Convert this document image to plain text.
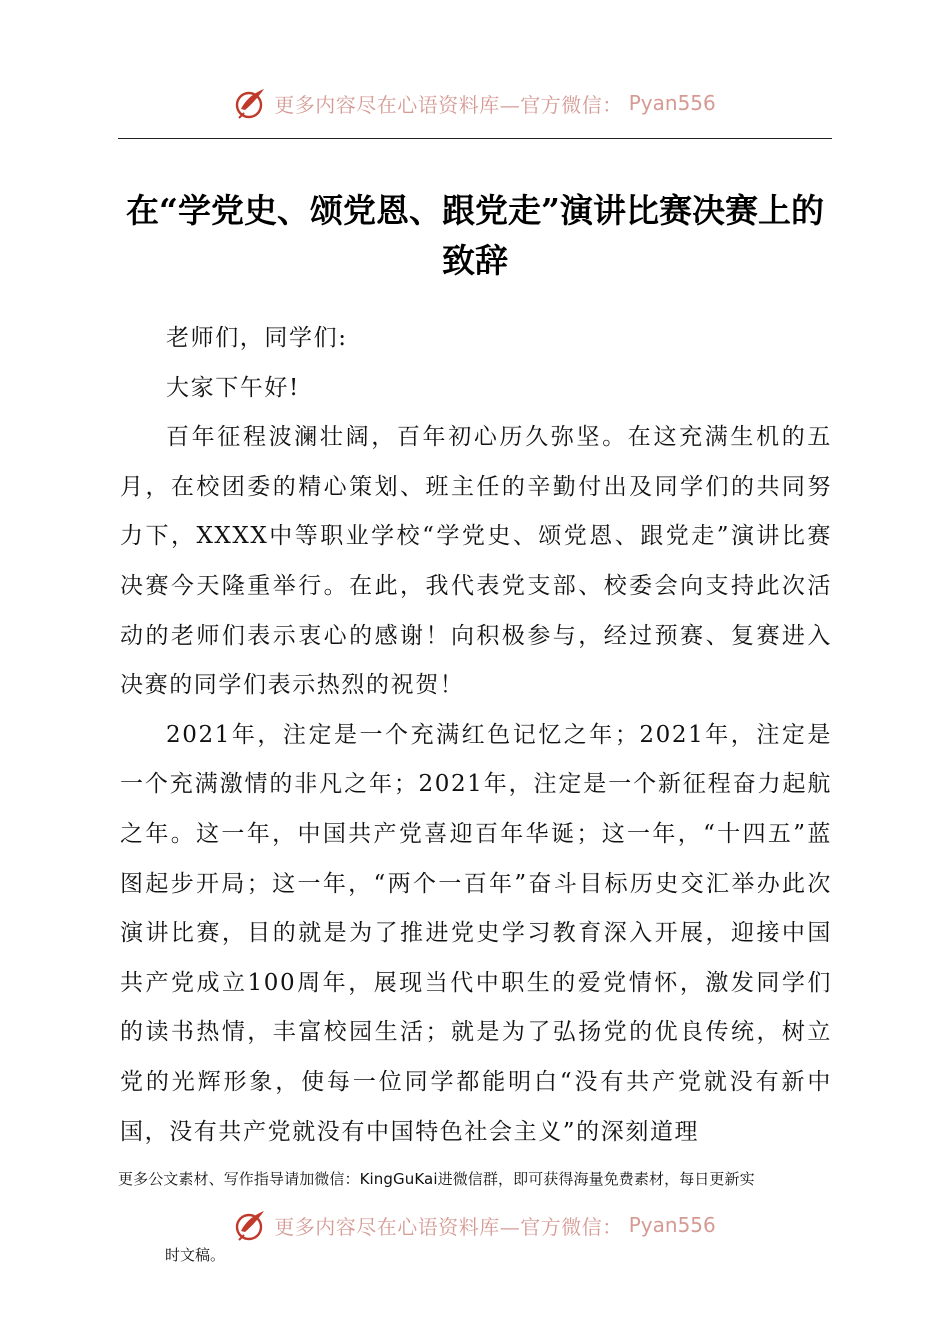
更多内容尽在心语资料库—官方微信： Pyan556
在“学党史、颂党恩、跟党走”演讲比赛决赛上的致辞

老师们，同学们:

大家下午好!

百年征程波澜壮阔，百年初心历久弥坚。在这充满生机的五月，在校团委的精心策划、班主任的辛勤付出及同学们的共同努力下，XXXX中等职业学校“学党史、颂党恩、跟党走”演讲比赛决赛今天隆重举行。在此，我代表党支部、校委会向支持此次活动的老师们表示衷心的感谢！向积极参与，经过预赛、复赛进入决赛的同学们表示热烈的祝贺！

2021年，注定是一个充满红色记忆之年；2021年，注定是一个充满激情的非凡之年；2021年，注定是一个新征程奋力起航之年。这一年，中国共产党喜迎百年华诞；这一年，“十四五”蓝图起步开局；这一年，“两个一百年”奋斗目标历史交汇举办此次演讲比赛，目的就是为了推进党史学习教育深入开展，迎接中国共产党成立100周年，展现当代中职生的爱党情怀，激发同学们的读书热情，丰富校园生活；就是为了弘扬党的优良传统，树立党的光辉形象，使每一位同学都能明白“没有共产党就没有新中国，没有共产党就没有中国特色社会主义”的深刻道理

更多公文素材、写作指导请加微信：KingGuKai进微信群，即可获得海量免费素材，每日更新实
更多内容尽在心语资料库—官方微信： Pyan556
时文稿。
